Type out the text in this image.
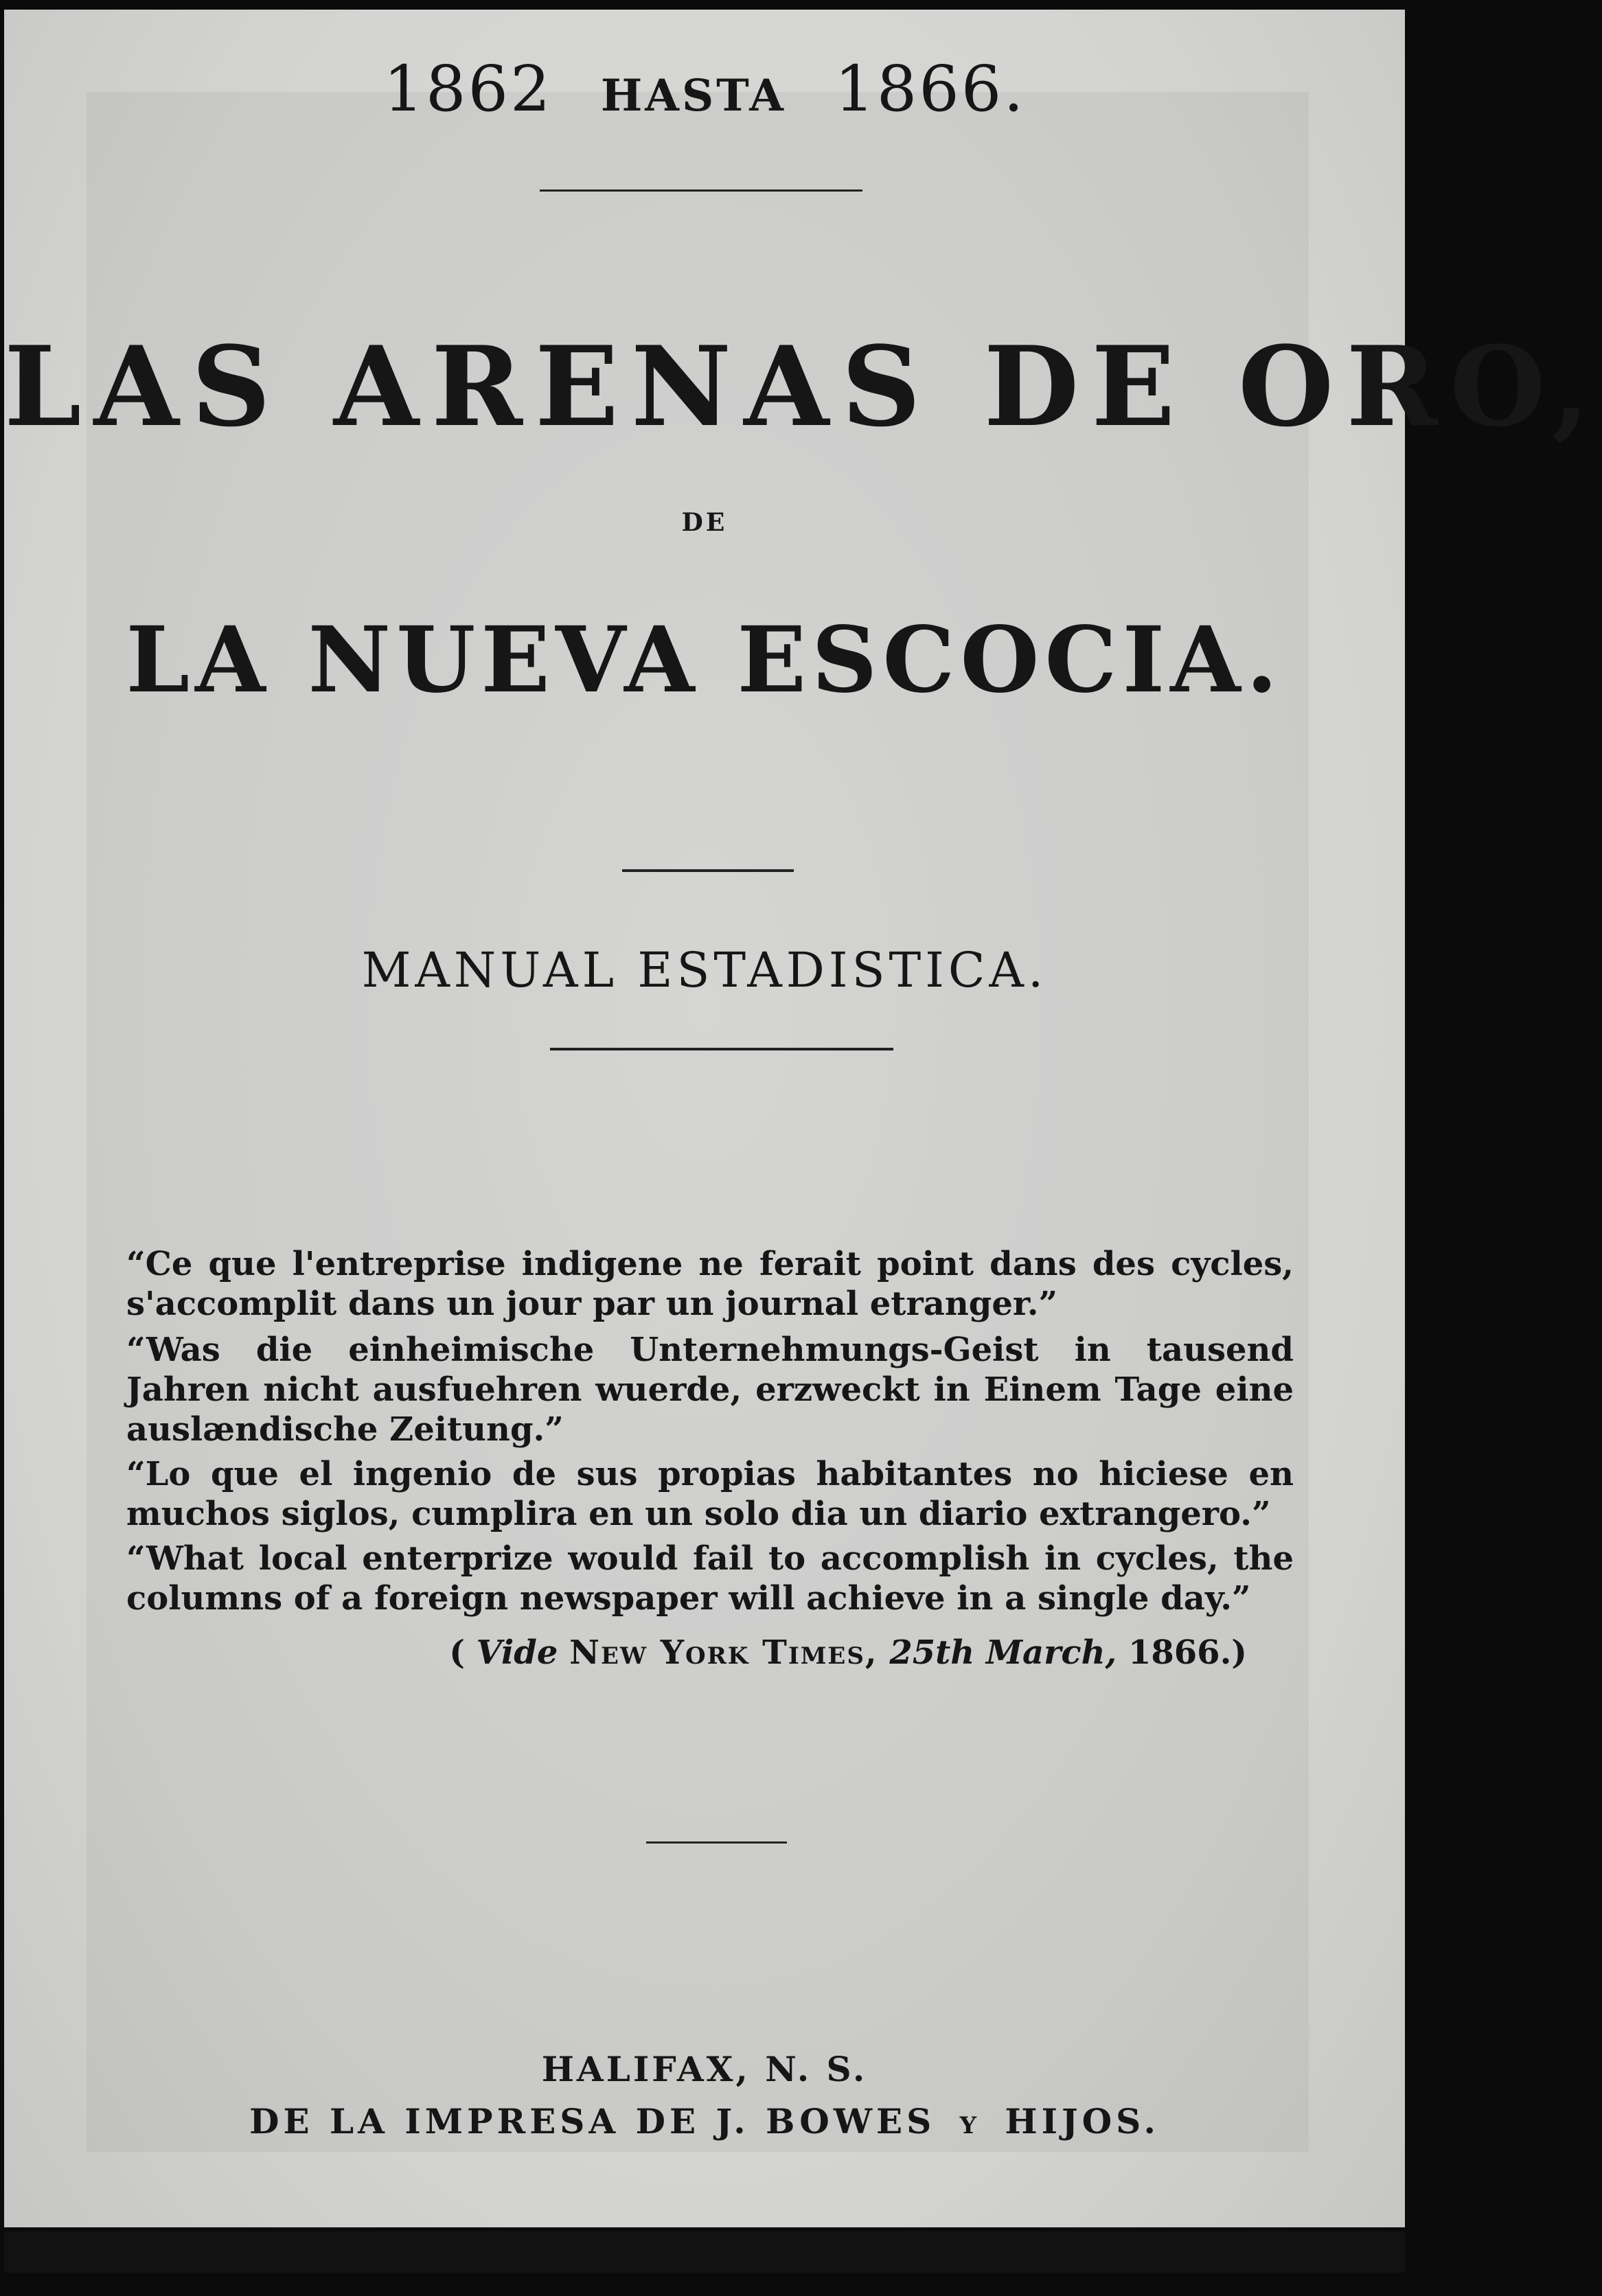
1862 HASTA 1866.
LAS ARENAS DE ORO,
DE
LA NUEVA ESCOCIA.
MANUAL ESTADISTICA.
“Ce que l'entreprise indigene ne ferait point dans des cycles, s'accomplit dans un jour par un journal etranger.”
“Was die einheimische Unternehmungs-Geist in tausend Jahren nicht ausfuehren wuerde, erzweckt in Einem Tage eine auslændische Zeitung.”
“Lo que el ingenio de sus propias habitantes no hiciese en muchos siglos, cumplira en un solo dia un diario extrangero.”
“What local enterprize would fail to accomplish in cycles, the columns of a foreign newspaper will achieve in a single day.”
( Vide New York Times, 25th March, 1866.)
HALIFAX, N. S.
DE LA IMPRESA DE J. BOWES Y HIJOS.
